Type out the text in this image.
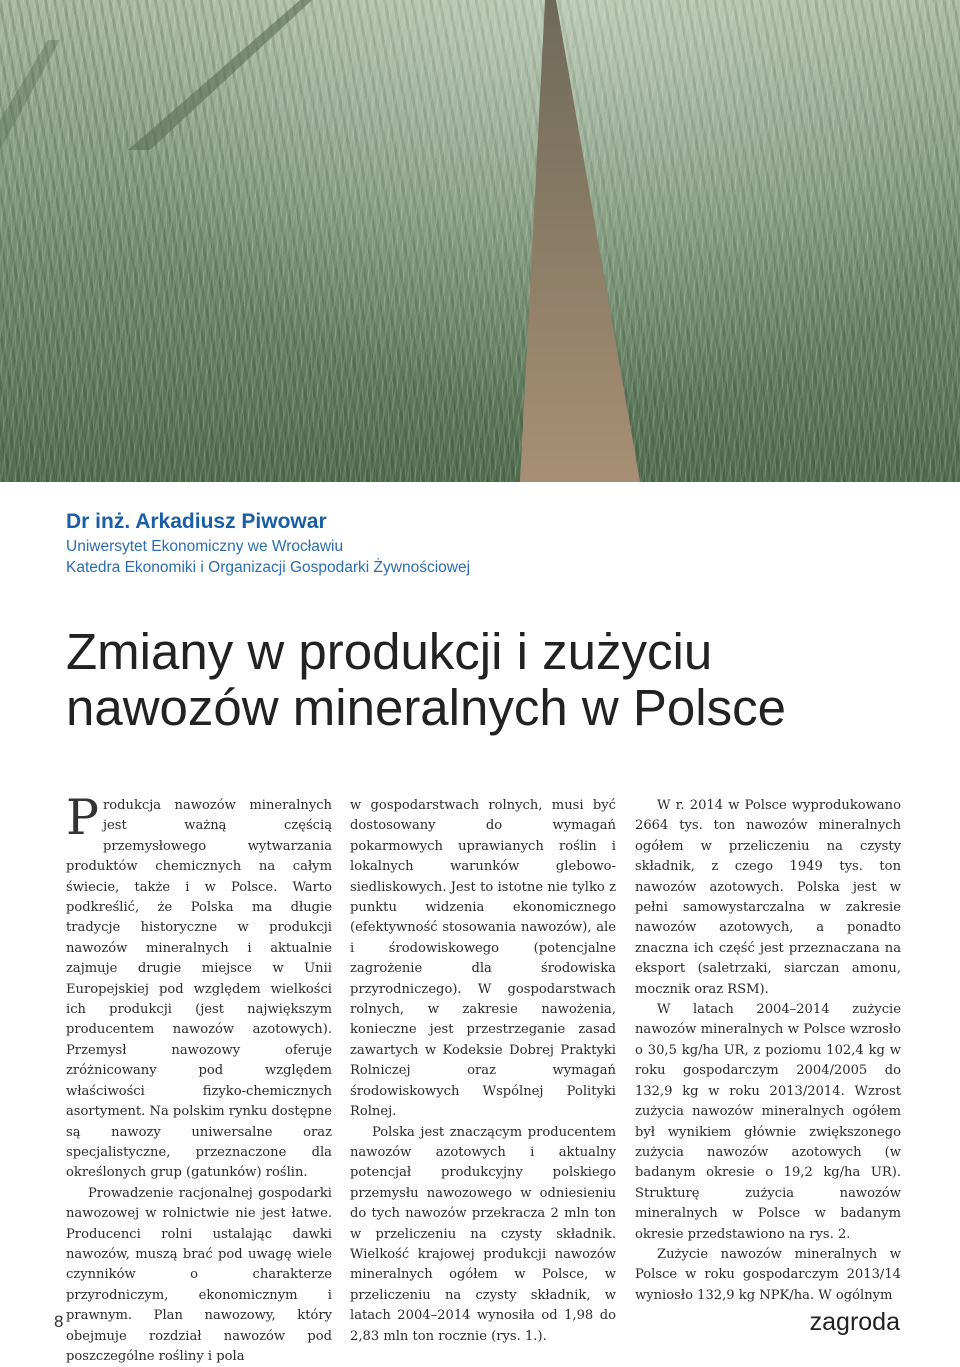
Dr inż. Arkadiusz Piwowar

Uniwersytet Ekonomiczny we Wrocławiu

Katedra Ekonomiki i Organizacji Gospodarki Żywnościowej

Zmiany w produkcji i zużyciu
nawozów mineralnych w Polsce

Produkcja nawozów mineralnych jest ważną częścią przemysłowego wytwarzania produktów chemicznych na całym świecie, także i w Polsce. Warto podkreślić, że Polska ma długie tradycje historyczne w produkcji nawozów mineralnych i aktualnie zajmuje drugie miejsce w Unii Europejskiej pod względem wielkości ich produkcji (jest największym producentem nawozów azotowych). Przemysł nawozowy oferuje zróżnicowany pod względem właściwości fizyko-chemicznych asortyment. Na polskim rynku dostępne są nawozy uniwersalne oraz specjalistyczne, przeznaczone dla określonych grup (gatunków) roślin.

Prowadzenie racjonalnej gospodarki nawozowej w rolnictwie nie jest łatwe. Producenci rolni ustalając dawki nawozów, muszą brać pod uwagę wiele czynników o charakterze przyrodniczym, ekonomicznym i prawnym. Plan nawozowy, który obejmuje rozdział nawozów pod poszczególne rośliny i pola

w gospodarstwach rolnych, musi być dostosowany do wymagań pokarmowych uprawianych roślin i lokalnych warunków glebowo-siedliskowych. Jest to istotne nie tylko z punktu widzenia ekonomicznego (efektywność stosowania nawozów), ale i środowiskowego (potencjalne zagrożenie dla środowiska przyrodniczego). W gospodarstwach rolnych, w zakresie nawożenia, konieczne jest przestrzeganie zasad zawartych w Kodeksie Dobrej Praktyki Rolniczej oraz wymagań środowiskowych Wspólnej Polityki Rolnej.

Polska jest znaczącym producentem nawozów azotowych i aktualny potencjał produkcyjny polskiego przemysłu nawozowego w odniesieniu do tych nawozów przekracza 2 mln ton w przeliczeniu na czysty składnik. Wielkość krajowej produkcji nawozów mineralnych ogółem w Polsce, w przeliczeniu na czysty składnik, w latach 2004–2014 wynosiła od 1,98 do 2,83 mln ton rocznie (rys. 1.).

W r. 2014 w Polsce wyprodukowano 2664 tys. ton nawozów mineralnych ogółem w przeliczeniu na czysty składnik, z czego 1949 tys. ton nawozów azotowych. Polska jest w pełni samowystarczalna w zakresie nawozów azotowych, a ponadto znaczna ich część jest przeznaczana na eksport (saletrzaki, siarczan amonu, mocznik oraz RSM).

W latach 2004–2014 zużycie nawozów mineralnych w Polsce wzrosło o 30,5 kg/ha UR, z poziomu 102,4 kg w roku gospodarczym 2004/2005 do 132,9 kg w roku 2013/2014. Wzrost zużycia nawozów mineralnych ogółem był wynikiem głównie zwiększonego zużycia nawozów azotowych (w badanym okresie o 19,2 kg/ha UR). Strukturę zużycia nawozów mineralnych w Polsce w badanym okresie przedstawiono na rys. 2.

Zużycie nawozów mineralnych w Polsce w roku gospodarczym 2013/14 wyniosło 132,9 kg NPK/ha. W ogólnym

8	zagroda
